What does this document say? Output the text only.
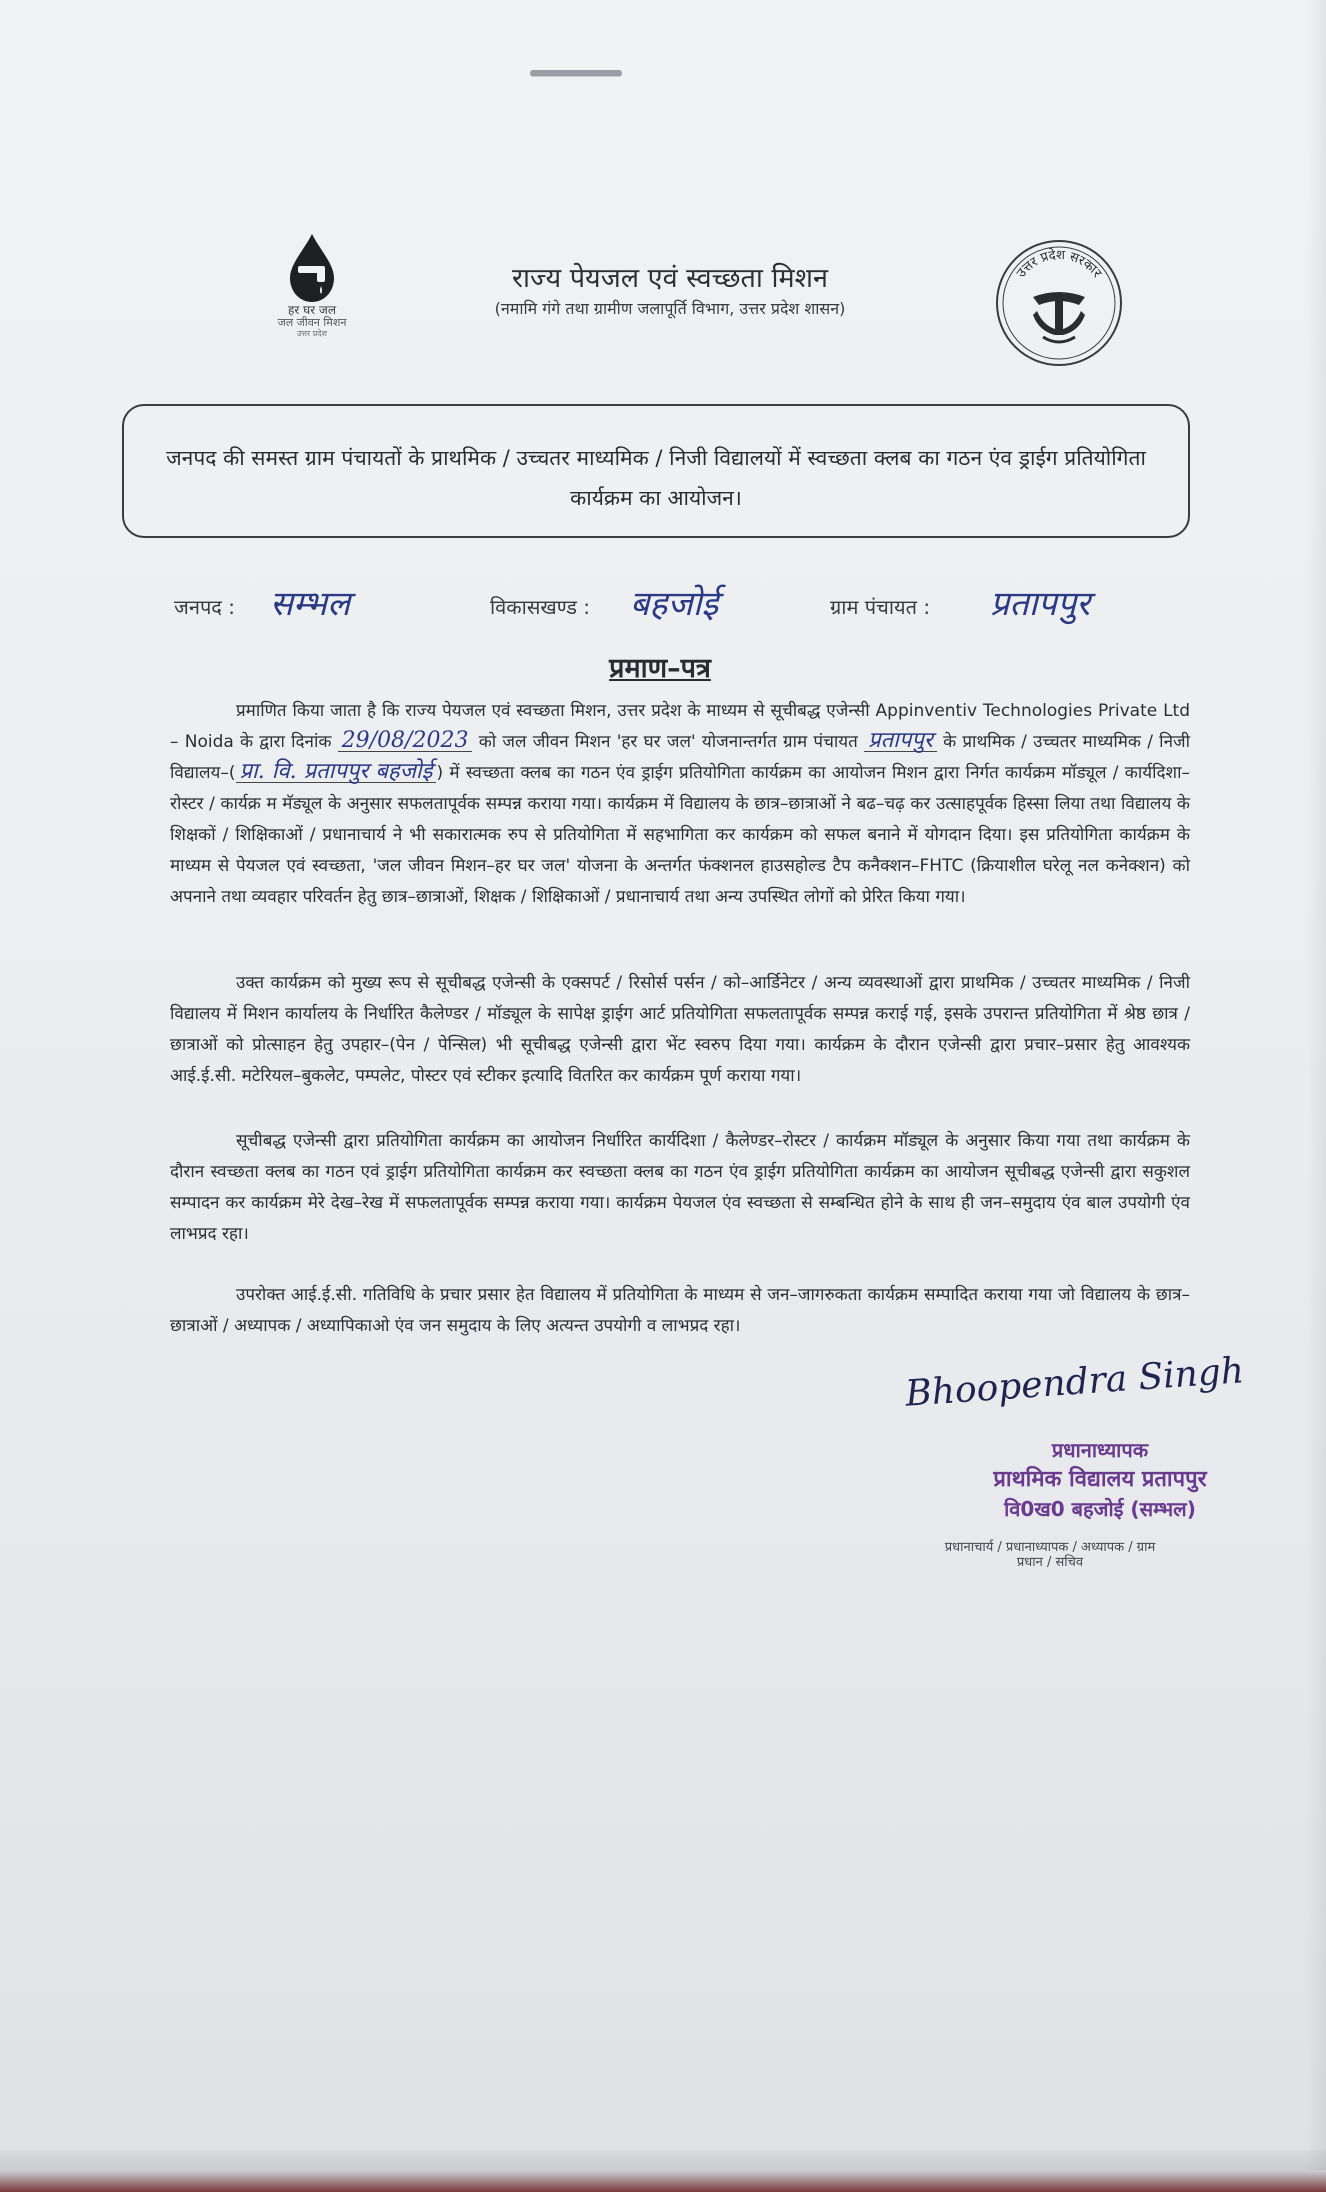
हर घर जल
जल जीवन मिशन
उत्तर प्रदेश
राज्य पेयजल एवं स्वच्छता मिशन
(नमामि गंगे तथा ग्रामीण जलापूर्ति विभाग, उत्तर प्रदेश शासन)
उत्तर प्रदेश सरकार
जनपद की समस्त ग्राम पंचायतों के प्राथमिक / उच्चतर माध्यमिक / निजी विद्यालयों में स्वच्छता क्लब का गठन एंव ड्राईग प्रतियोगिता कार्यक्रम का आयोजन।
जनपद : सम्भल	विकासखण्ड : बहजोई	ग्राम पंचायत : प्रतापपुर
प्रमाण–पत्र
प्रमाणित किया जाता है कि राज्य पेयजल एवं स्वच्छता मिशन, उत्तर प्रदेश के माध्यम से सूचीबद्ध एजेन्सी Appinventiv Technologies Private Ltd – Noida के द्वारा दिनांक 29/08/2023 को जल जीवन मिशन 'हर घर जल' योजनान्तर्गत ग्राम पंचायत प्रतापपुर के प्राथमिक / उच्चतर माध्यमिक / निजी विद्यालय–( प्रा. वि. प्रतापपुर बहजोई ) में स्वच्छता क्लब का गठन एंव ड्राईग प्रतियोगिता कार्यक्रम का आयोजन मिशन द्वारा निर्गत कार्यक्रम मॉड्यूल / कार्यदिशा–रोस्टर / कार्यक्र म मॅड्यूल के अनुसार सफलतापूर्वक सम्पन्न कराया गया। कार्यक्रम में विद्यालय के छात्र–छात्राओं ने बढ–चढ़ कर उत्साहपूर्वक हिस्सा लिया तथा विद्यालय के शिक्षकों / शिक्षिकाओं / प्रधानाचार्य ने भी सकारात्मक रुप से प्रतियोगिता में सहभागिता कर कार्यक्रम को सफल बनाने में योगदान दिया। इस प्रतियोगिता कार्यक्रम के माध्यम से पेयजल एवं स्वच्छता, 'जल जीवन मिशन–हर घर जल' योजना के अन्तर्गत फंक्शनल हाउसहोल्ड टैप कनैक्शन–FHTC (क्रियाशील घरेलू नल कनेक्शन) को अपनाने तथा व्यवहार परिवर्तन हेतु छात्र–छात्राओं, शिक्षक / शिक्षिकाओं / प्रधानाचार्य तथा अन्य उपस्थित लोगों को प्रेरित किया गया।
उक्त कार्यक्रम को मुख्य रूप से सूचीबद्ध एजेन्सी के एक्सपर्ट / रिसोर्स पर्सन / को–आर्डिनेटर / अन्य व्यवस्थाओं द्वारा प्राथमिक / उच्चतर माध्यमिक / निजी विद्यालय में मिशन कार्यालय के निर्धारित कैलेण्डर / मॉड्यूल के सापेक्ष ड्राईग आर्ट प्रतियोगिता सफलतापूर्वक सम्पन्न कराई गई, इसके उपरान्त प्रतियोगिता में श्रेष्ठ छात्र / छात्राओं को प्रोत्साहन हेतु उपहार–(पेन / पेन्सिल) भी सूचीबद्ध एजेन्सी द्वारा भेंट स्वरुप दिया गया। कार्यक्रम के दौरान एजेन्सी द्वारा प्रचार–प्रसार हेतु आवश्यक आई.ई.सी. मटेरियल–बुकलेट, पम्पलेट, पोस्टर एवं स्टीकर इत्यादि वितरित कर कार्यक्रम पूर्ण कराया गया।
सूचीबद्ध एजेन्सी द्वारा प्रतियोगिता कार्यक्रम का आयोजन निर्धारित कार्यदिशा / कैलेण्डर–रोस्टर / कार्यक्रम मॉड्यूल के अनुसार किया गया तथा कार्यक्रम के दौरान स्वच्छता क्लब का गठन एवं ड्राईग प्रतियोगिता कार्यक्रम कर स्वच्छता क्लब का गठन एंव ड्राईग प्रतियोगिता कार्यक्रम का आयोजन सूचीबद्ध एजेन्सी द्वारा सकुशल सम्पादन कर कार्यक्रम मेरे देख–रेख में सफलतापूर्वक सम्पन्न कराया गया। कार्यक्रम पेयजल एंव स्वच्छता से सम्बन्धित होने के साथ ही जन–समुदाय एंव बाल उपयोगी एंव लाभप्रद रहा।
उपरोक्त आई.ई.सी. गतिविधि के प्रचार प्रसार हेत विद्यालय में प्रतियोगिता के माध्यम से जन–जागरुकता कार्यक्रम सम्पादित कराया गया जो विद्यालय के छात्र–छात्राओं / अध्यापक / अध्यापिकाओ एंव जन समुदाय के लिए अत्यन्त उपयोगी व लाभप्रद रहा।
Bhoopendra Singh
प्रधानाध्यापक
प्राथमिक विद्यालय प्रतापपुर
वि0ख0 बहजोई (सम्भल)
प्रधानाचार्य / प्रधानाध्यापक / अध्यापक / ग्राम
प्रधान / सचिव
